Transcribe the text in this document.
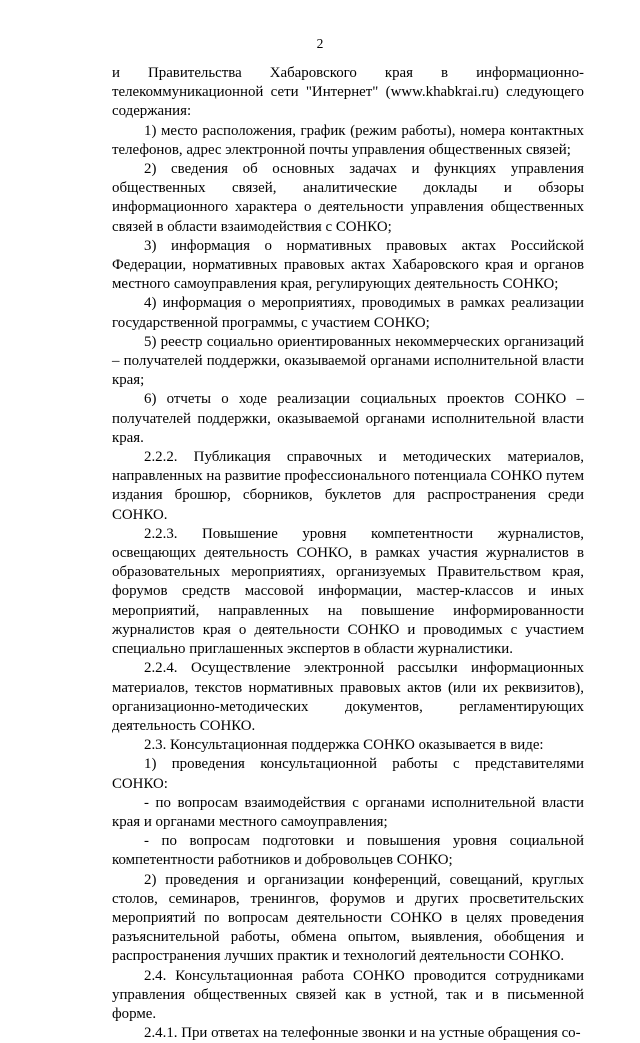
2

и Правительства Хабаровского края в информационно-телекоммуникационной сети "Интернет" (www.khabkrai.ru) следующего содержания:

1) место расположения, график (режим работы), номера контактных телефонов, адрес электронной почты управления общественных связей;

2) сведения об основных задачах и функциях управления общественных связей, аналитические доклады и обзоры информационного характера о деятельности управления общественных связей в области взаимодействия с СОНКО;

3) информация о нормативных правовых актах Российской Федерации, нормативных правовых актах Хабаровского края и органов местного самоуправления края, регулирующих деятельность СОНКО;

4) информация о мероприятиях, проводимых в рамках реализации государственной программы, с участием СОНКО;

5) реестр социально ориентированных некоммерческих организаций – получателей поддержки, оказываемой органами исполнительной власти края;

6) отчеты о ходе реализации социальных проектов СОНКО – получателей поддержки, оказываемой органами исполнительной власти края.

2.2.2. Публикация справочных и методических материалов, направленных на развитие профессионального потенциала СОНКО путем издания брошюр, сборников, буклетов для распространения среди СОНКО.

2.2.3. Повышение уровня компетентности журналистов, освещающих деятельность СОНКО, в рамках участия журналистов в образовательных мероприятиях, организуемых Правительством края, форумов средств массовой информации, мастер-классов и иных мероприятий, направленных на повышение информированности журналистов края о деятельности СОНКО и проводимых с участием специально приглашенных экспертов в области журналистики.

2.2.4. Осуществление электронной рассылки информационных материалов, текстов нормативных правовых актов (или их реквизитов), организационно-методических документов, регламентирующих деятельность СОНКО.

2.3. Консультационная поддержка СОНКО оказывается в виде:

1) проведения консультационной работы с представителями СОНКО:

- по вопросам взаимодействия с органами исполнительной власти края и органами местного самоуправления;

- по вопросам подготовки и повышения уровня социальной компетентности работников и добровольцев СОНКО;

2) проведения и организации конференций, совещаний, круглых столов, семинаров, тренингов, форумов и других просветительских мероприятий по вопросам деятельности СОНКО в целях проведения разъяснительной работы, обмена опытом, выявления, обобщения и распространения лучших практик и технологий деятельности СОНКО.

2.4. Консультационная работа СОНКО проводится сотрудниками управления общественных связей как в устной, так и в письменной форме.

2.4.1. При ответах на телефонные звонки и на устные обращения со-
